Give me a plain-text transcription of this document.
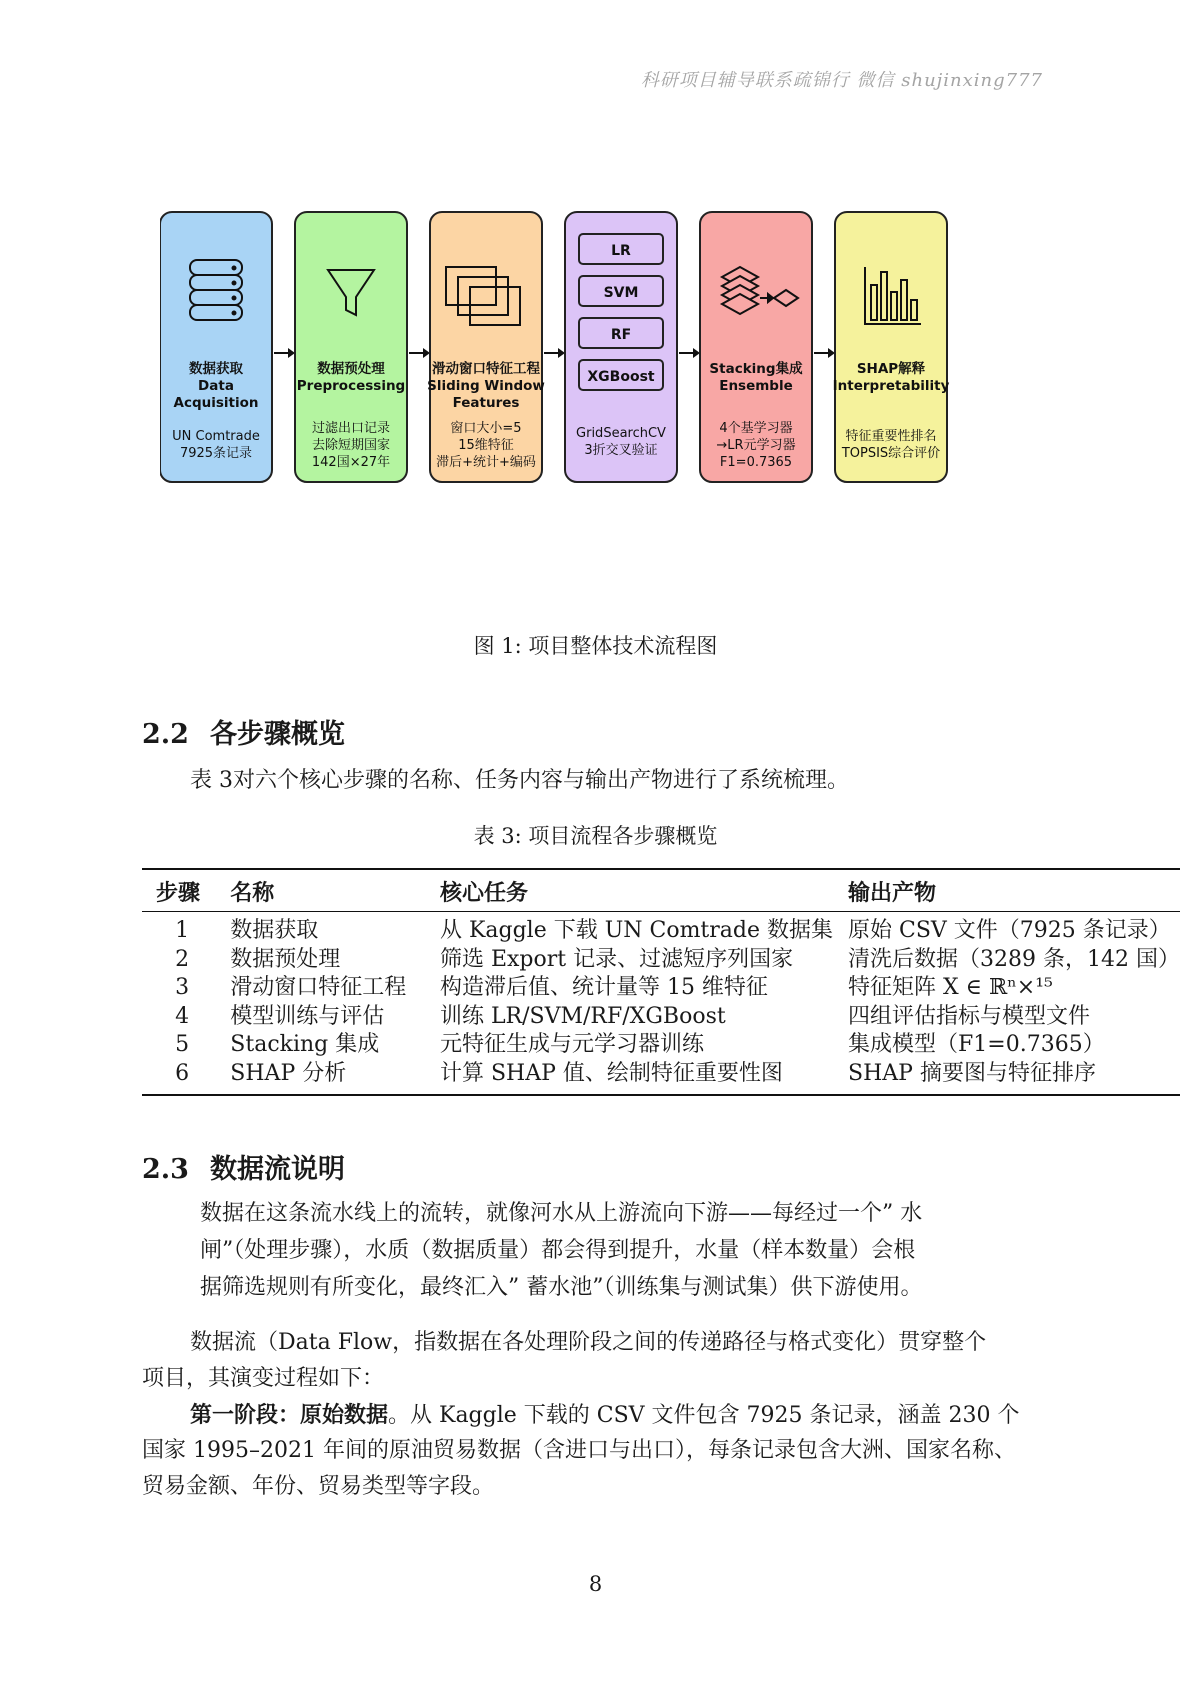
科研项目辅导联系疏锦行 微信 shujinxing777
数据获取
Data
Acquisition
UN Comtrade
7925条记录
数据预处理
Preprocessing
过滤出口记录
去除短期国家
142国×27年
滑动窗口特征工程
Sliding Window
Features
窗口大小=5
15维特征
滞后+统计+编码
LR
SVM
RF
XGBoost
GridSearchCV
3折交叉验证
Stacking集成
Ensemble
4个基学习器
→LR元学习器
F1=0.7365
SHAP解释
Interpretability
特征重要性排名
TOPSIS综合评价
图 1: 项目整体技术流程图
2.2 各步骤概览
表 3对六个核心步骤的名称、任务内容与输出产物进行了系统梳理。
表 3: 项目流程各步骤概览
步骤	名称	核心任务	输出产物
1	数据获取	从 Kaggle 下载 UN Comtrade 数据集	原始 CSV 文件（7925 条记录）
2	数据预处理	筛选 Export 记录、过滤短序列国家	清洗后数据（3289 条，142 国）
3	滑动窗口特征工程	构造滞后值、统计量等 15 维特征	特征矩阵 X ∈ ℝⁿ×¹⁵
4	模型训练与评估	训练 LR/SVM/RF/XGBoost	四组评估指标与模型文件
5	Stacking 集成	元特征生成与元学习器训练	集成模型（F1=0.7365）
6	SHAP 分析	计算 SHAP 值、绘制特征重要性图	SHAP 摘要图与特征排序
2.3 数据流说明
数据在这条流水线上的流转，就像河水从上游流向下游——每经过一个” 水
闸”（处理步骤），水质（数据质量）都会得到提升，水量（样本数量）会根
据筛选规则有所变化，最终汇入” 蓄水池”（训练集与测试集）供下游使用。
数据流（Data Flow，指数据在各处理阶段之间的传递路径与格式变化）贯穿整个
项目，其演变过程如下：
第一阶段：原始数据。从 Kaggle 下载的 CSV 文件包含 7925 条记录，涵盖 230 个
国家 1995–2021 年间的原油贸易数据（含进口与出口），每条记录包含大洲、国家名称、
贸易金额、年份、贸易类型等字段。
8
